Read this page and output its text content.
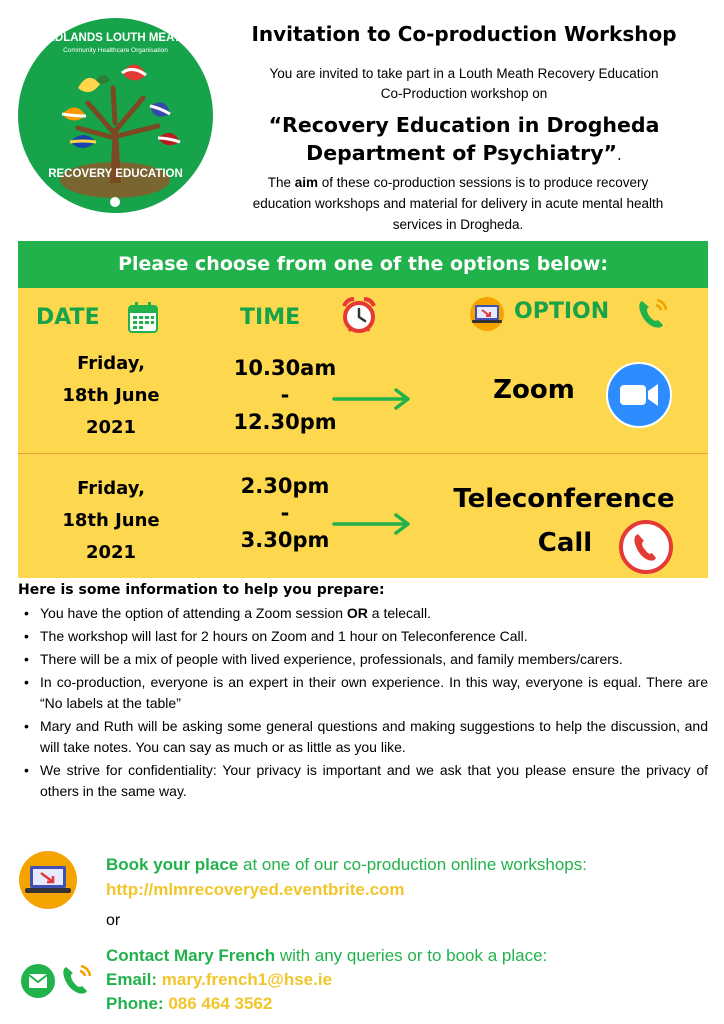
MIDLANDS LOUTH MEATH
Community Healthcare Organisation
RECOVERY EDUCATION
Invitation to Co-production Workshop
You are invited to take part in a Louth Meath Recovery Education
Co-Production workshop on
“Recovery Education in Drogheda
Department of Psychiatry”.
The aim of these co-production sessions is to produce recovery
education workshops and material for delivery in acute mental health
services in Drogheda.
Please choose from one of the options below:
DATE	TIME	OPTION
Friday,
18th June
2021
10.30am
-
12.30pm
Zoom
Friday,
18th June
2021
2.30pm
-
3.30pm
Teleconference
Call
Here is some information to help you prepare:
• You have the option of attending a Zoom session OR a telecall.
• The workshop will last for 2 hours on Zoom and 1 hour on Teleconference Call.
• There will be a mix of people with lived experience, professionals, and family members/carers.
• In co-production, everyone is an expert in their own experience. In this way, everyone is equal. There are “No labels at the table”
• Mary and Ruth will be asking some general questions and making suggestions to help the discussion, and will take notes. You can say as much or as little as you like.
• We strive for confidentiality: Your privacy is important and we ask that you please ensure the privacy of others in the same way.
Book your place at one of our co-production online workshops:
http://mlmrecoveryed.eventbrite.com
or
Contact Mary French with any queries or to book a place:
Email: mary.french1@hse.ie
Phone: 086 464 3562
